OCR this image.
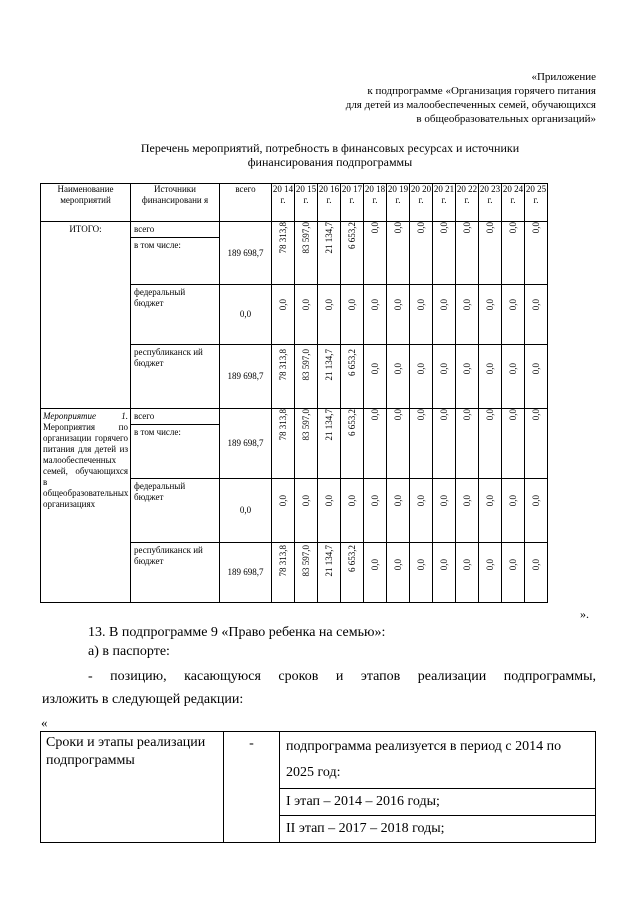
«Приложение
к подпрограмме «Организация горячего питания
для детей из малообеспеченных семей, обучающихся
в общеобразовательных организаций»
Перечень мероприятий, потребность в финансовых ресурсах и источники
финансирования подпрограммы
Наименование мероприятий	Источники финансировани я	всего	20 14 г.	20 15 г.	20 16 г.	20 17 г.	20 18 г.	20 19 г.	20 20 г.	20 21 г.	20 22 г.	20 23 г.	20 24 г.	20 25 г.
ИТОГО:	всего	189 698,7	78 313,8	83 597,0	21 134,7	6 653,2	0,0	0,0	0,0	0,0	0,0	0,0	0,0	0,0

	в том числе:													
	федеральный бюджет	0,0	0,0	0,0	0,0	0,0	0,0	0,0	0,0	0,0	0,0	0,0	0,0	0,0

	республиканск ий бюджет	189 698,7	78 313,8	83 597,0	21 134,7	6 653,2	0,0	0,0	0,0	0,0	0,0	0,0	0,0	0,0

Мероприятие 1. Мероприятия по организации горячего питания для детей из малообеспеченных семей, обучающихся в общеобразовательных организациях	всего	189 698,7	78 313,8	83 597,0	21 134,7	6 653,2	0,0	0,0	0,0	0,0	0,0	0,0	0,0	0,0

	в том числе:													
	федеральный бюджет	0,0	0,0	0,0	0,0	0,0	0,0	0,0	0,0	0,0	0,0	0,0	0,0	0,0

	республиканск ий бюджет	189 698,7	78 313,8	83 597,0	21 134,7	6 653,2	0,0	0,0	0,0	0,0	0,0	0,0	0,0	0,0
».
13. В подпрограмме 9 «Право ребенка на семью»:
а) в паспорте:
- позицию, касающуюся сроков и этапов реализации подпрограммы,
изложить в следующей редакции:
«
Сроки и этапы реализации подпрограммы	-	подпрограмма реализуется в период с 2014 по 2025 год:
I этап – 2014 – 2016 годы;
II этап – 2017 – 2018 годы;
